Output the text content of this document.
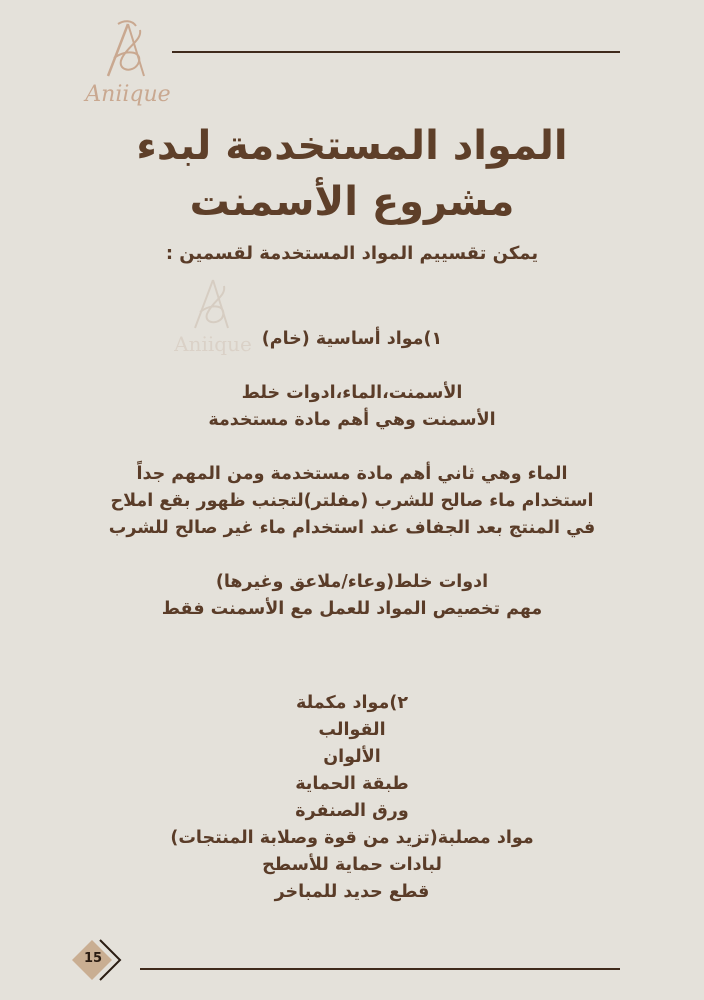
Aniique
Aniique
المواد المستخدمة لبدء
مشروع الأسمنت
يمكن تقسييم المواد المستخدمة لقسمين :
١)مواد أساسية (خام)
الأسمنت،الماء،ادوات خلط
الأسمنت وهي أهم مادة مستخدمة
الماء وهي ثاني أهم مادة مستخدمة ومن المهم جداً
استخدام ماء صالح للشرب (مفلتر)لتجنب ظهور بقع املاح
في المنتج بعد الجفاف عند استخدام ماء غير صالح للشرب
ادوات خلط(وعاء/ملاعق وغيرها)
مهم تخصيص المواد للعمل مع الأسمنت فقط
٢)مواد مكملة
القوالب
الألوان
طبقة الحماية
ورق الصنفرة
مواد مصلبة(تزيد من قوة وصلابة المنتجات)
لبادات حماية للأسطح
قطع حديد للمباخر
15
